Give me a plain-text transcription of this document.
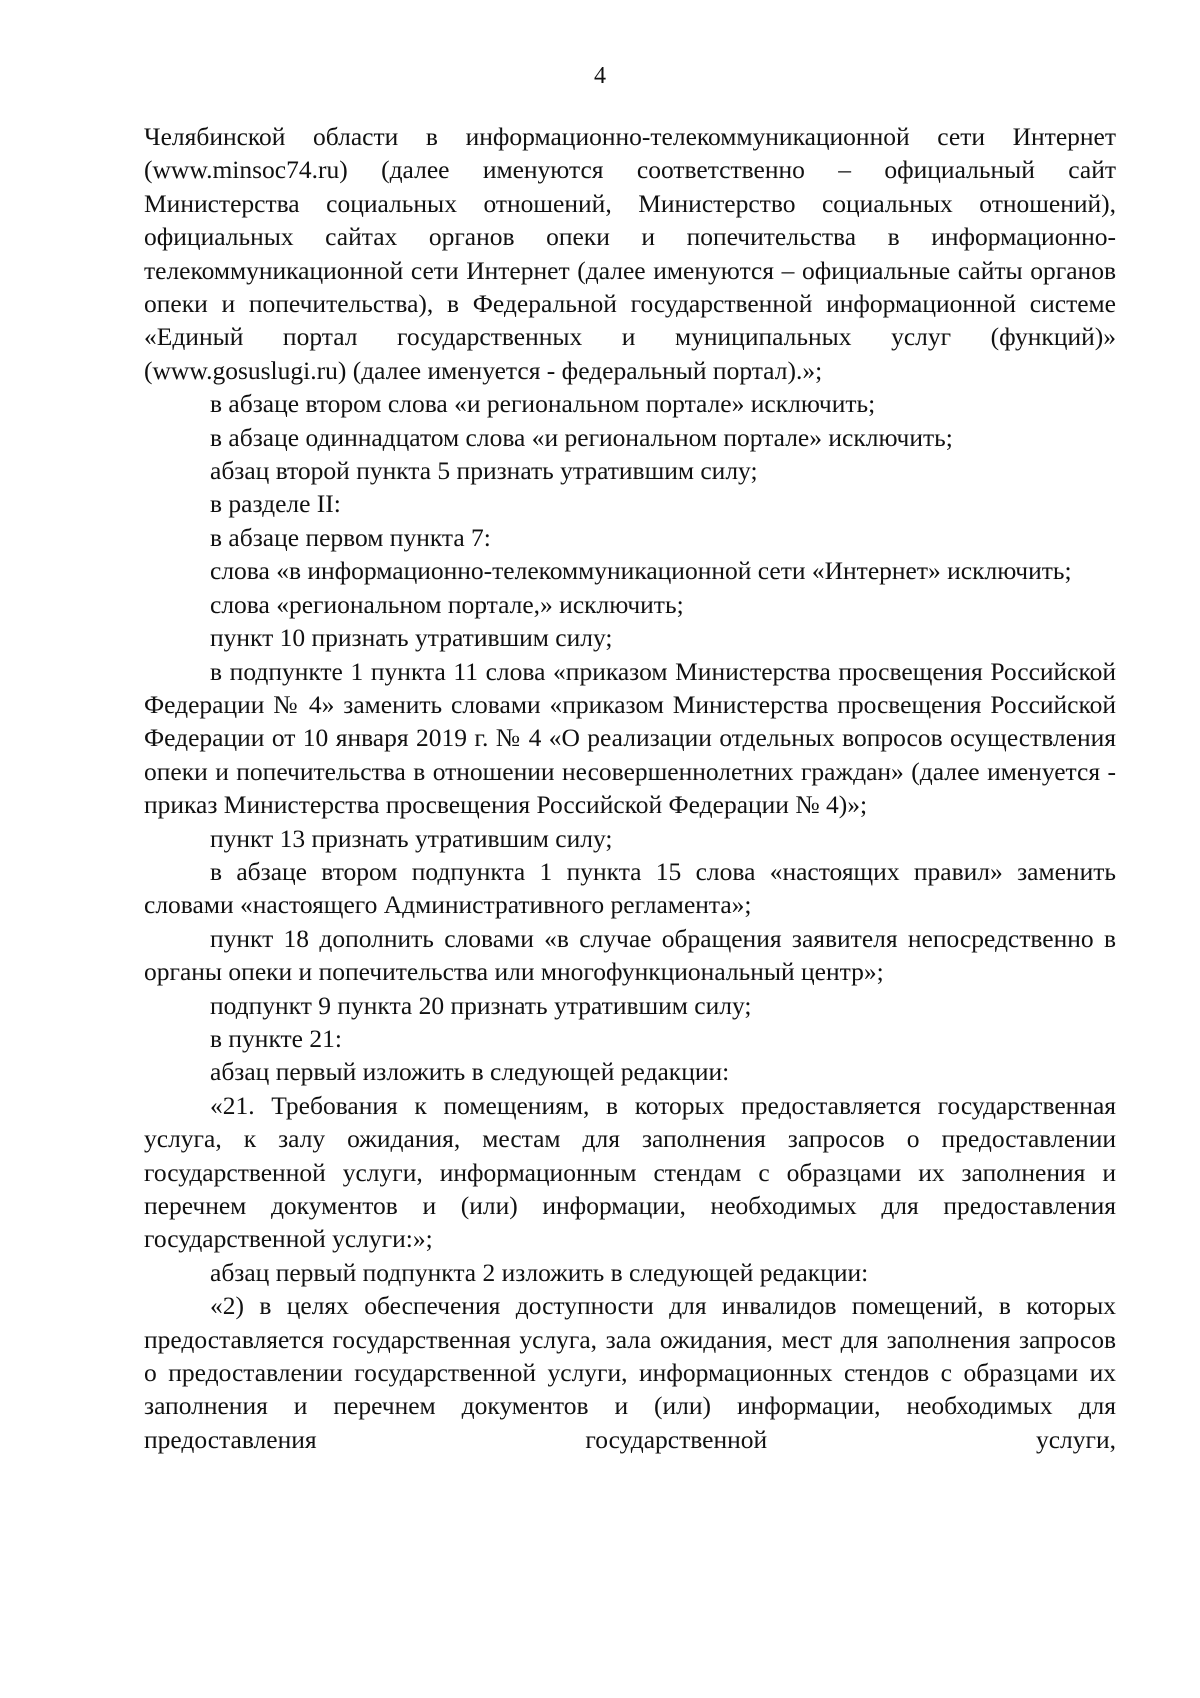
4

Челябинской области в информационно-телекоммуникационной сети Интернет (www.minsoc74.ru) (далее именуются соответственно – официальный сайт Министерства социальных отношений, Министерство социальных отношений), официальных сайтах органов опеки и попечительства в информационно-телекоммуникационной сети Интернет (далее именуются – официальные сайты органов опеки и попечительства), в Федеральной государственной информационной системе «Единый портал государственных и муниципальных услуг (функций)» (www.gosuslugi.ru) (далее именуется - федеральный портал).»;

в абзаце втором слова «и региональном портале» исключить;

в абзаце одиннадцатом слова «и региональном портале» исключить;

абзац второй пункта 5 признать утратившим силу;

в разделе II:

в абзаце первом пункта 7:

слова «в информационно-телекоммуникационной сети «Интернет» исключить;

слова «региональном портале,» исключить;

пункт 10 признать утратившим силу;

в подпункте 1 пункта 11 слова «приказом Министерства просвещения Российской Федерации № 4» заменить словами «приказом Министерства просвещения Российской Федерации от 10 января 2019 г. № 4 «О реализации отдельных вопросов осуществления опеки и попечительства в отношении несовершеннолетних граждан» (далее именуется - приказ Министерства просвещения Российской Федерации № 4)»;

пункт 13 признать утратившим силу;

в абзаце втором подпункта 1 пункта 15 слова «настоящих правил» заменить словами «настоящего Административного регламента»;

пункт 18 дополнить словами «в случае обращения заявителя непосредственно в органы опеки и попечительства или многофункциональный центр»;

подпункт 9 пункта 20 признать утратившим силу;

в пункте 21:

абзац первый изложить в следующей редакции:

«21. Требования к помещениям, в которых предоставляется государственная услуга, к залу ожидания, местам для заполнения запросов о предоставлении государственной услуги, информационным стендам с образцами их заполнения и перечнем документов и (или) информации, необходимых для предоставления государственной услуги:»;

абзац первый подпункта 2 изложить в следующей редакции:

«2) в целях обеспечения доступности для инвалидов помещений, в которых предоставляется государственная услуга, зала ожидания, мест для заполнения запросов о предоставлении государственной услуги, информационных стендов с образцами их заполнения и перечнем документов и (или) информации, необходимых для предоставления государственной услуги,
